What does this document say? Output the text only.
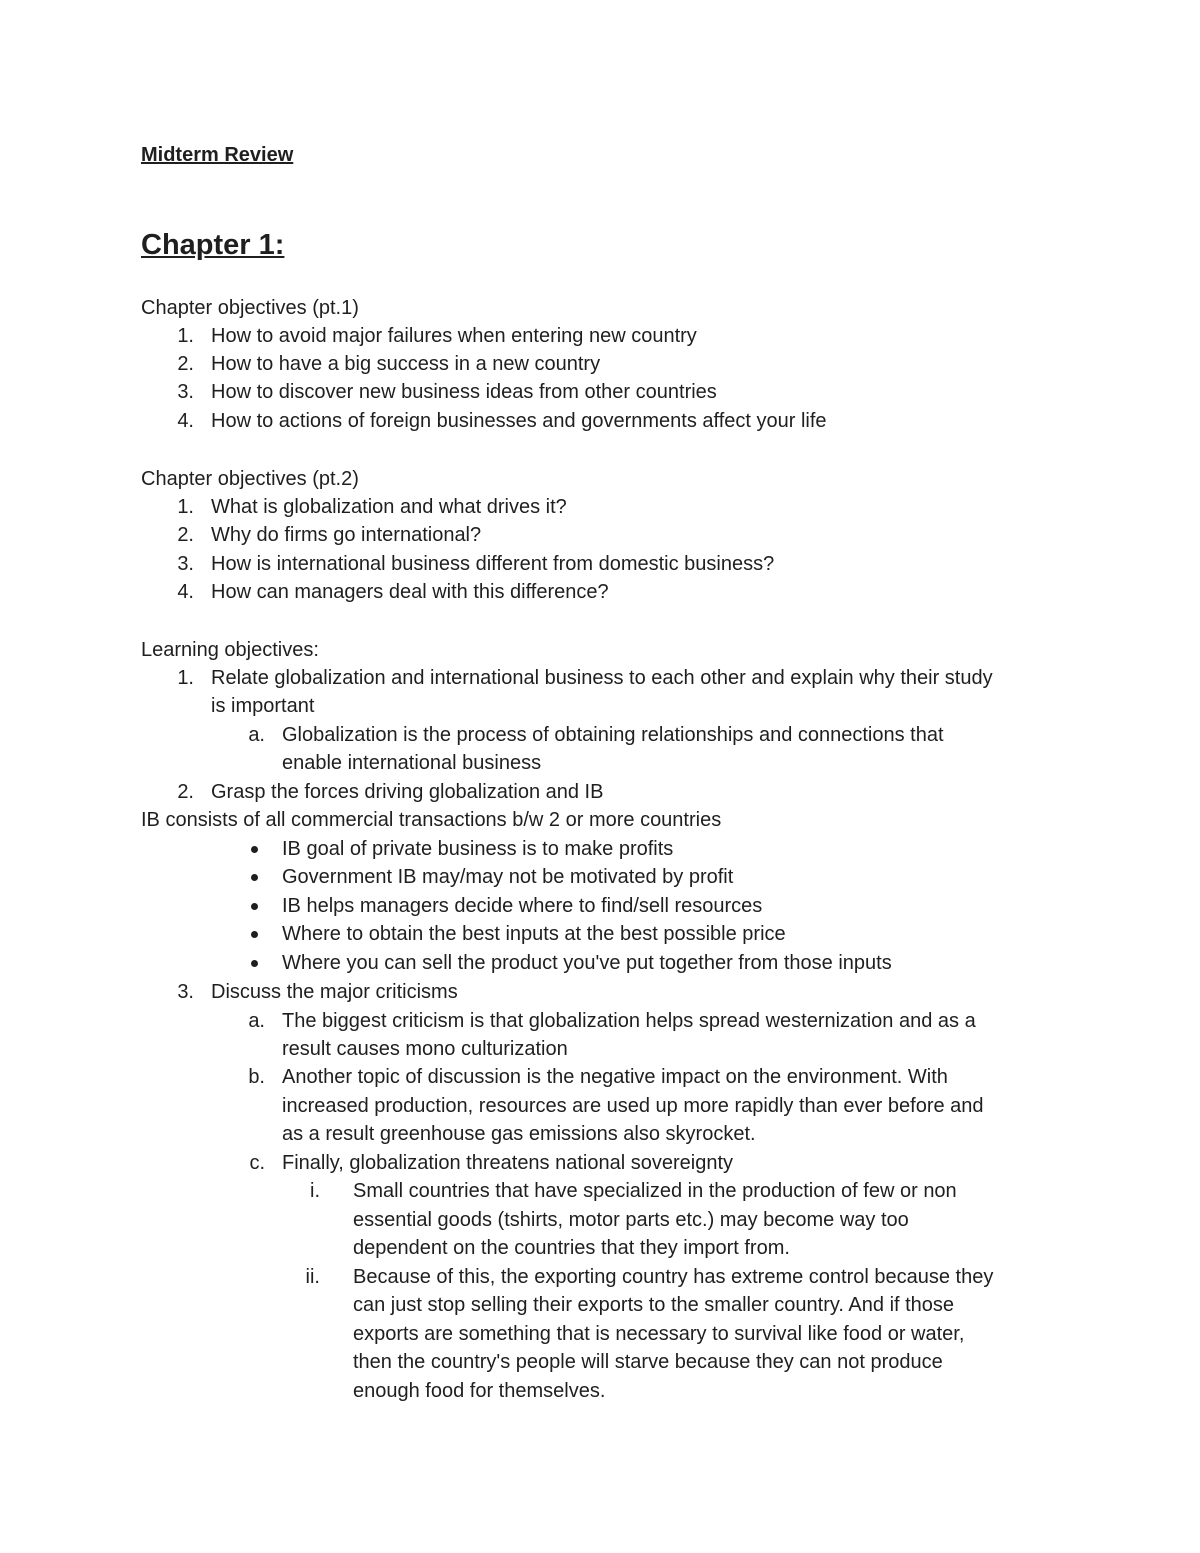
Midterm Review
Chapter 1:
Chapter objectives (pt.1)
1. How to avoid major failures when entering new country
2. How to have a big success in a new country
3. How to discover new business ideas from other countries
4. How to actions of foreign businesses and governments affect your life
Chapter objectives (pt.2)
1. What is globalization and what drives it?
2. Why do firms go international?
3. How is international business different from domestic business?
4. How can managers deal with this difference?
Learning objectives:
1. Relate globalization and international business to each other and explain why their study
is important
a. Globalization is the process of obtaining relationships and connections that
enable international business
2. Grasp the forces driving globalization and IB
IB consists of all commercial transactions b/w 2 or more countries
IB goal of private business is to make profits
Government IB may/may not be motivated by profit
IB helps managers decide where to find/sell resources
Where to obtain the best inputs at the best possible price
Where you can sell the product you've put together from those inputs
3. Discuss the major criticisms
a. The biggest criticism is that globalization helps spread westernization and as a
result causes mono culturization
b. Another topic of discussion is the negative impact on the environment. With
increased production, resources are used up more rapidly than ever before and
as a result greenhouse gas emissions also skyrocket.
c. Finally, globalization threatens national sovereignty
i. Small countries that have specialized in the production of few or non
essential goods (tshirts, motor parts etc.) may become way too
dependent on the countries that they import from.
ii. Because of this, the exporting country has extreme control because they
can just stop selling their exports to the smaller country. And if those
exports are something that is necessary to survival like food or water,
then the country's people will starve because they can not produce
enough food for themselves.
